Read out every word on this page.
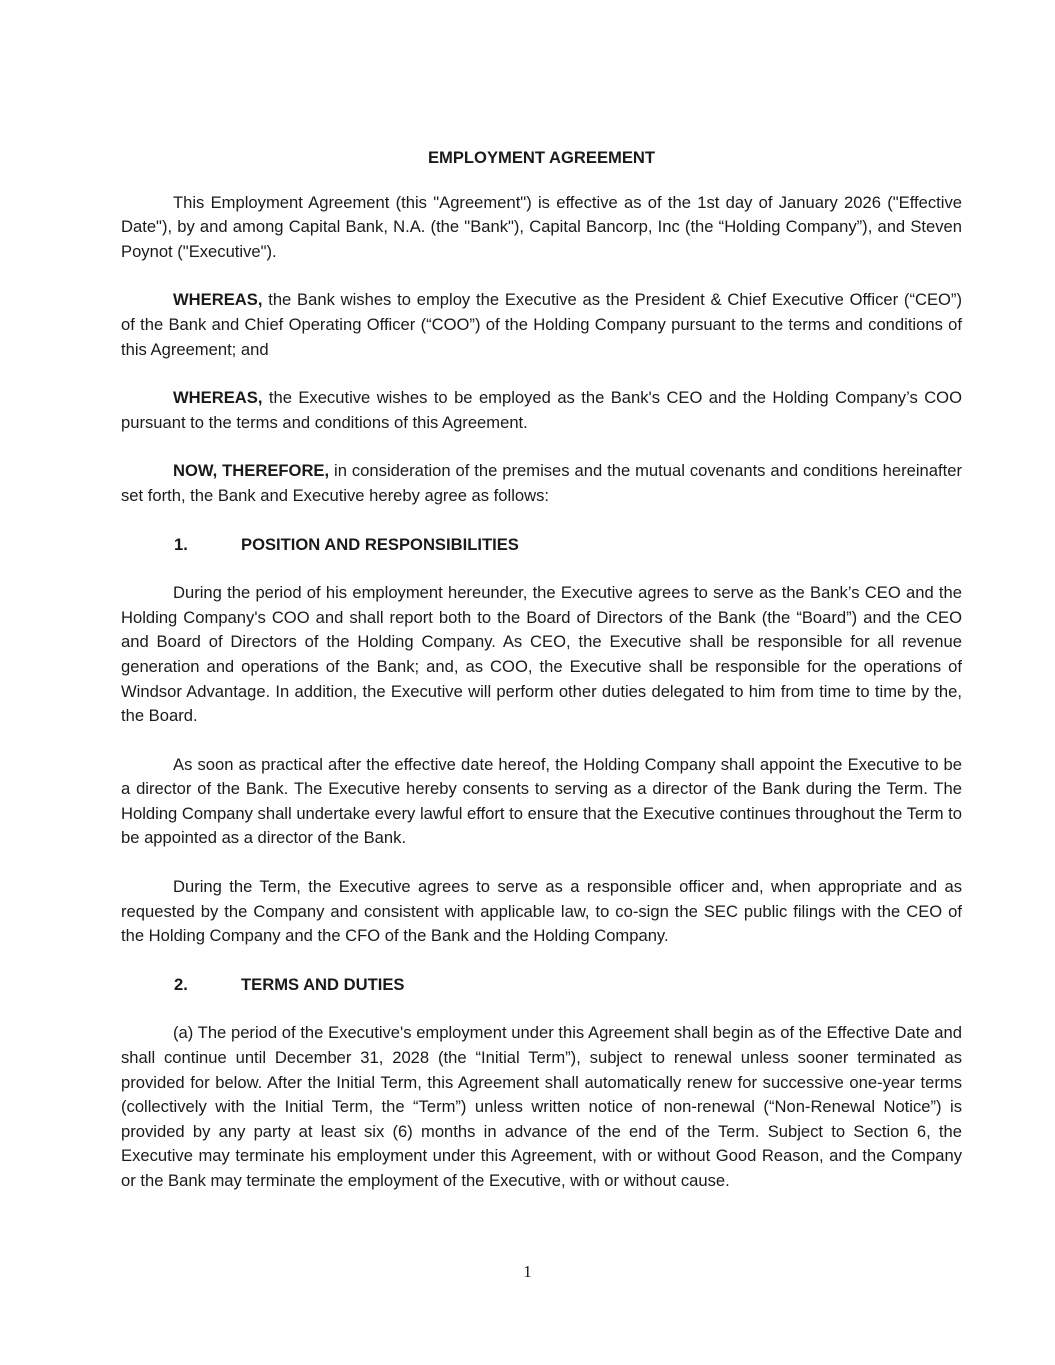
EMPLOYMENT AGREEMENT

This Employment Agreement (this "Agreement") is effective as of the 1st day of January 2026 ("Effective Date"), by and among Capital Bank, N.A. (the "Bank"), Capital Bancorp, Inc (the “Holding Company”), and Steven Poynot ("Executive").

WHEREAS, the Bank wishes to employ the Executive as the President & Chief Executive Officer (“CEO”) of the Bank and Chief Operating Officer (“COO”) of the Holding Company pursuant to the terms and conditions of this Agreement; and

WHEREAS, the Executive wishes to be employed as the Bank's CEO and the Holding Company’s COO pursuant to the terms and conditions of this Agreement.

NOW, THEREFORE, in consideration of the premises and the mutual covenants and conditions hereinafter set forth, the Bank and Executive hereby agree as follows:

1.	POSITION AND RESPONSIBILITIES

During the period of his employment hereunder, the Executive agrees to serve as the Bank’s CEO and the Holding Company's COO and shall report both to the Board of Directors of the Bank (the “Board”) and the CEO and Board of Directors of the Holding Company. As CEO, the Executive shall be responsible for all revenue generation and operations of the Bank; and, as COO, the Executive shall be responsible for the operations of Windsor Advantage. In addition, the Executive will perform other duties delegated to him from time to time by the, the Board.

As soon as practical after the effective date hereof, the Holding Company shall appoint the Executive to be a director of the Bank. The Executive hereby consents to serving as a director of the Bank during the Term. The Holding Company shall undertake every lawful effort to ensure that the Executive continues throughout the Term to be appointed as a director of the Bank.

During the Term, the Executive agrees to serve as a responsible officer and, when appropriate and as requested by the Company and consistent with applicable law, to co-sign the SEC public filings with the CEO of the Holding Company and the CFO of the Bank and the Holding Company.

2.	TERMS AND DUTIES

(a) The period of the Executive's employment under this Agreement shall begin as of the Effective Date and shall continue until December 31, 2028 (the “Initial Term”), subject to renewal unless sooner terminated as provided for below. After the Initial Term, this Agreement shall automatically renew for successive one-year terms (collectively with the Initial Term, the “Term”) unless written notice of non-renewal (“Non-Renewal Notice”) is provided by any party at least six (6) months in advance of the end of the Term. Subject to Section 6, the Executive may terminate his employment under this Agreement, with or without Good Reason, and the Company or the Bank may terminate the employment of the Executive, with or without cause.

1
